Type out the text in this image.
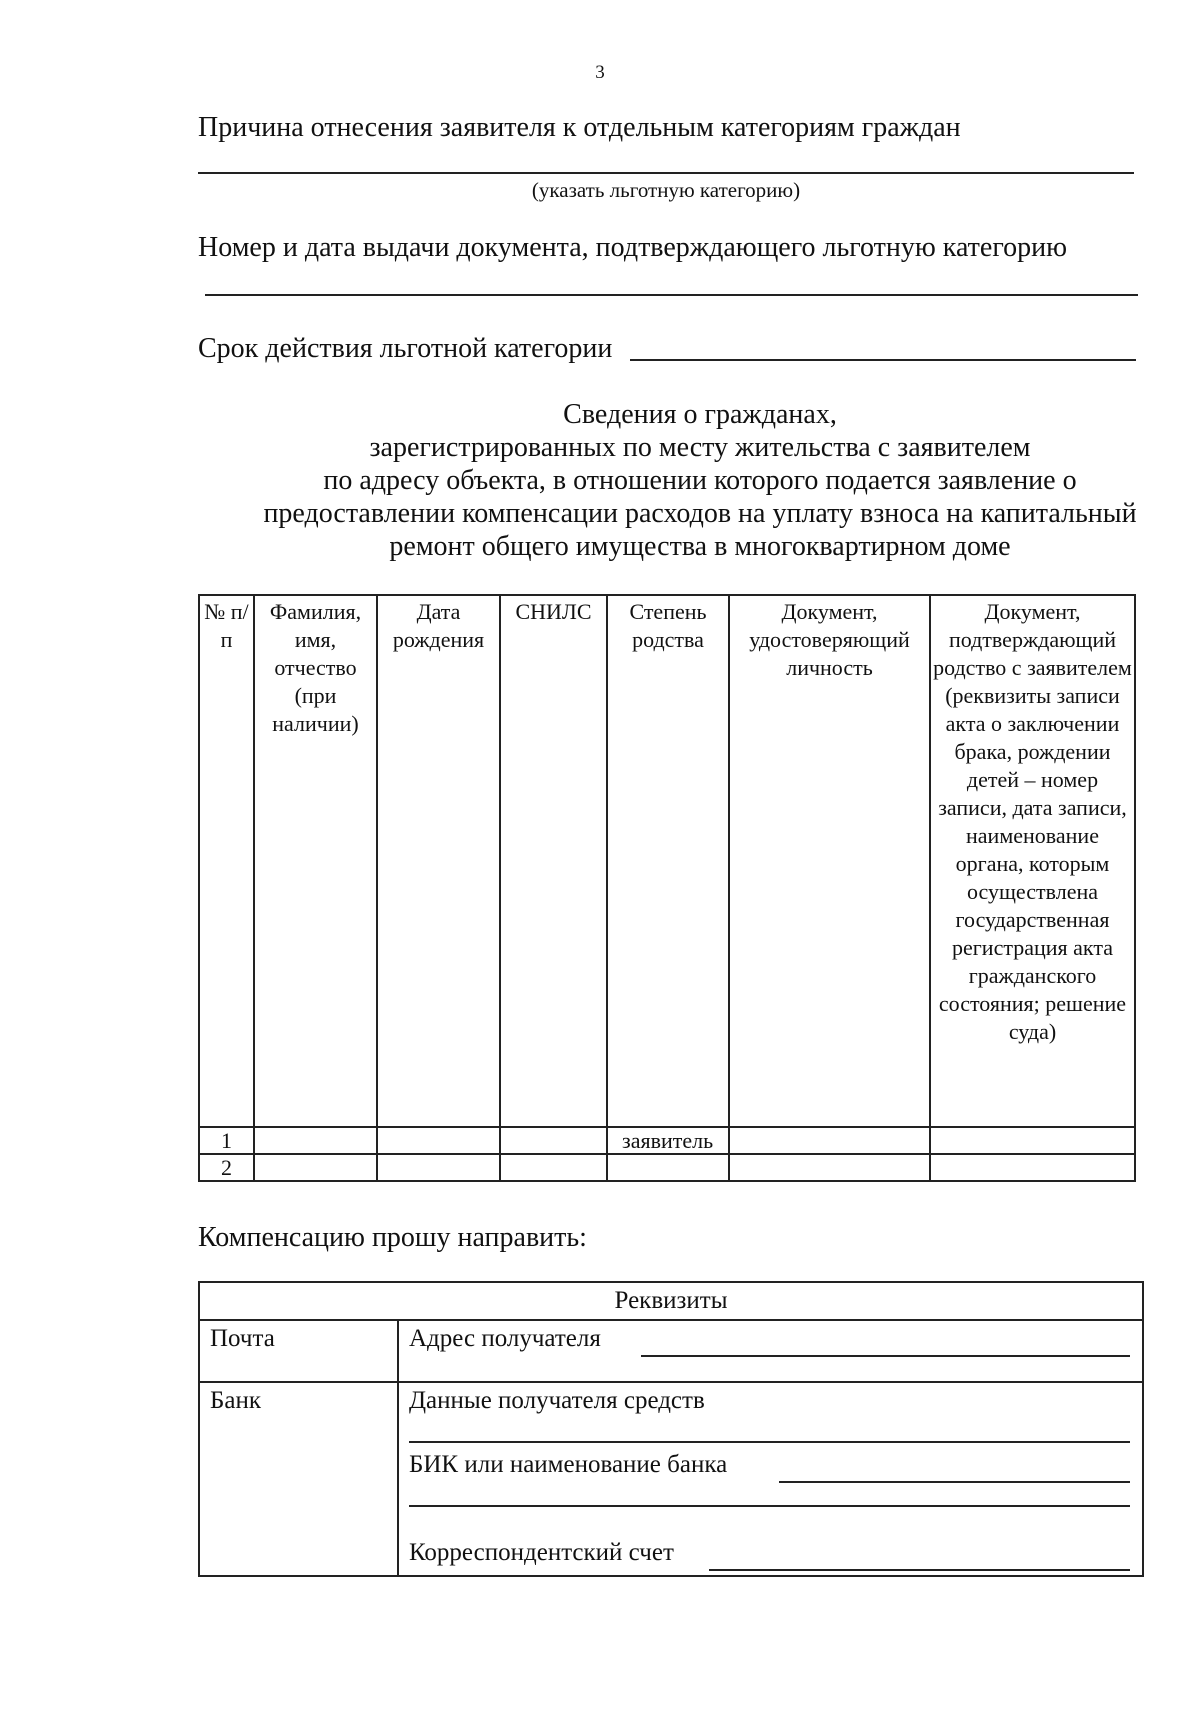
3
Причина отнесения заявителя к отдельным категориям граждан
(указать льготную категорию)
Номер и дата выдачи документа, подтверждающего льготную категорию
Срок действия льготной категории
Сведения о гражданах,
зарегистрированных по месту жительства с заявителем
по адресу объекта, в отношении которого подается заявление о
предоставлении компенсации расходов на уплату взноса на капитальный
ремонт общего имущества в многоквартирном доме
№ п/п	Фамилия, имя, отчество (при наличии)	Дата рождения	СНИЛС	Степень родства	Документ, удостоверяющий личность	Документ, подтверждающий родство с заявителем (реквизиты записи акта о заключении брака, рождении детей – номер записи, дата записи, наименование органа, которым осуществлена государственная регистрация акта гражданского состояния; решение суда)
1				заявитель		
2						
Компенсацию прошу направить:
Реквизиты	
Почта	Адрес получателя

Банк	Данные получателя средств
БИК или наименование банка
Корреспондентский счет
